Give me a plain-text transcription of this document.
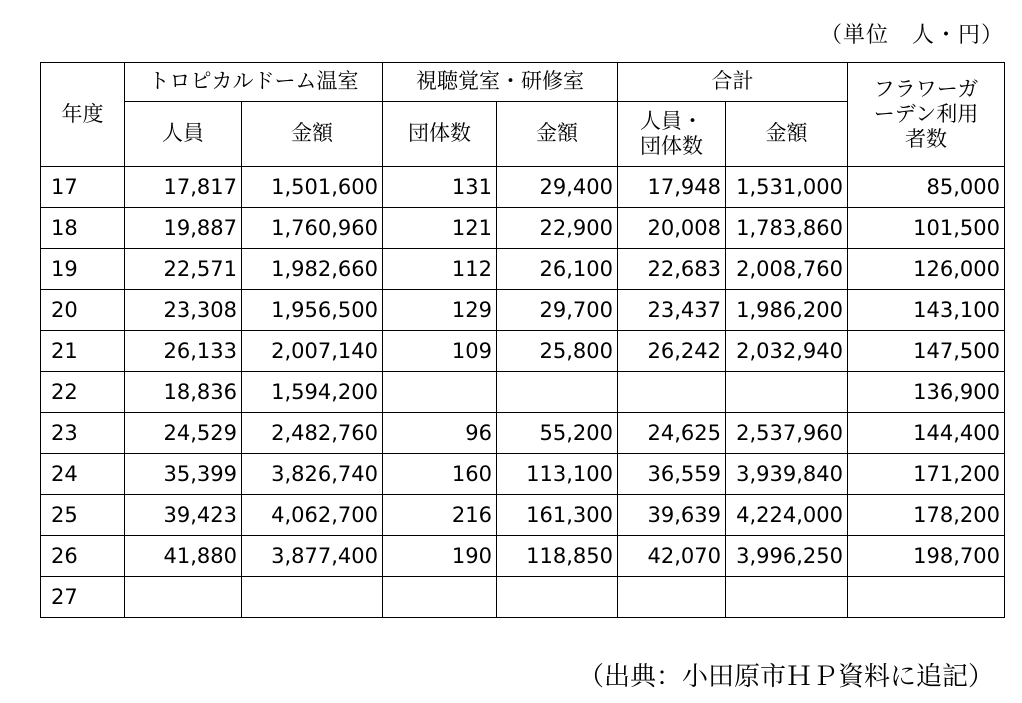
（単位　人・円）
年度	トロピカルドーム温室		視聴覚室・研修室		合計		フラワーガーデン利用者数
	人員	金額	団体数	金額	人員・団体数	金額	
17	17,817	1,501,600	131	29,400	17,948	1,531,000	85,000
18	19,887	1,760,960	121	22,900	20,008	1,783,860	101,500
19	22,571	1,982,660	112	26,100	22,683	2,008,760	126,000
20	23,308	1,956,500	129	29,700	23,437	1,986,200	143,100
21	26,133	2,007,140	109	25,800	26,242	2,032,940	147,500
22	18,836	1,594,200					136,900
23	24,529	2,482,760	96	55,200	24,625	2,537,960	144,400
24	35,399	3,826,740	160	113,100	36,559	3,939,840	171,200
25	39,423	4,062,700	216	161,300	39,639	4,224,000	178,200
26	41,880	3,877,400	190	118,850	42,070	3,996,250	198,700
27							
（出典：小田原市ＨＰ資料に追記）
